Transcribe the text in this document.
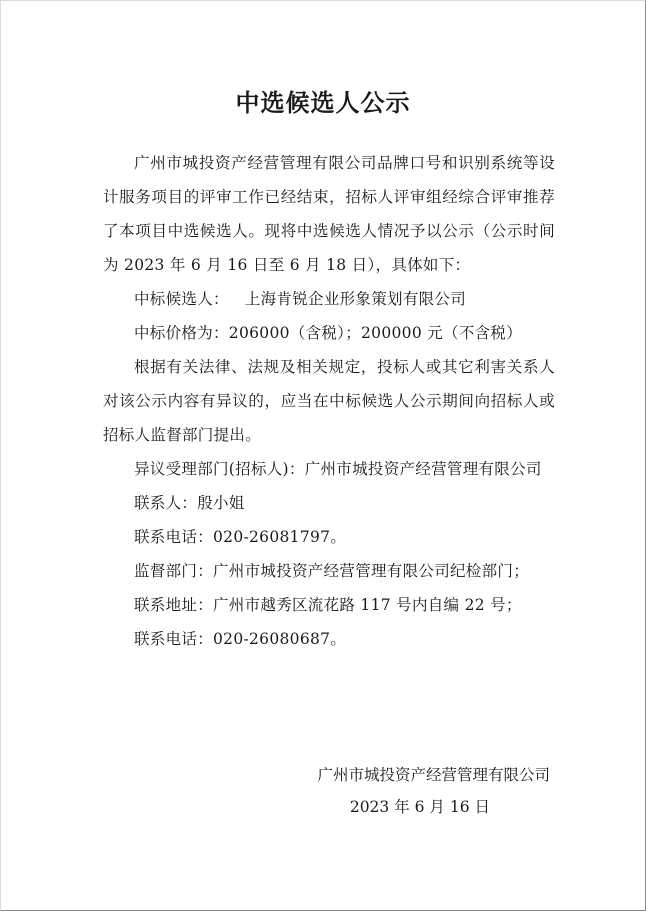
中选候选人公示

广州市城投资产经营管理有限公司品牌口号和识别系统等设计服务项目的评审工作已经结束，招标人评审组经综合评审推荐了本项目中选候选人。现将中选候选人情况予以公示（公示时间为 2023 年 6 月 16 日至 6 月 18 日），具体如下：

中标候选人： 上海肯锐企业形象策划有限公司

中标价格为：206000（含税）；200000 元（不含税）

根据有关法律、法规及相关规定，投标人或其它利害关系人对该公示内容有异议的，应当在中标候选人公示期间向招标人或招标人监督部门提出。

异议受理部门(招标人)：广州市城投资产经营管理有限公司

联系人：殷小姐

联系电话：020-26081797。

监督部门：广州市城投资产经营管理有限公司纪检部门；

联系地址：广州市越秀区流花路 117 号内自编 22 号；

联系电话：020-26080687。

广州市城投资产经营管理有限公司
2023 年 6 月 16 日
